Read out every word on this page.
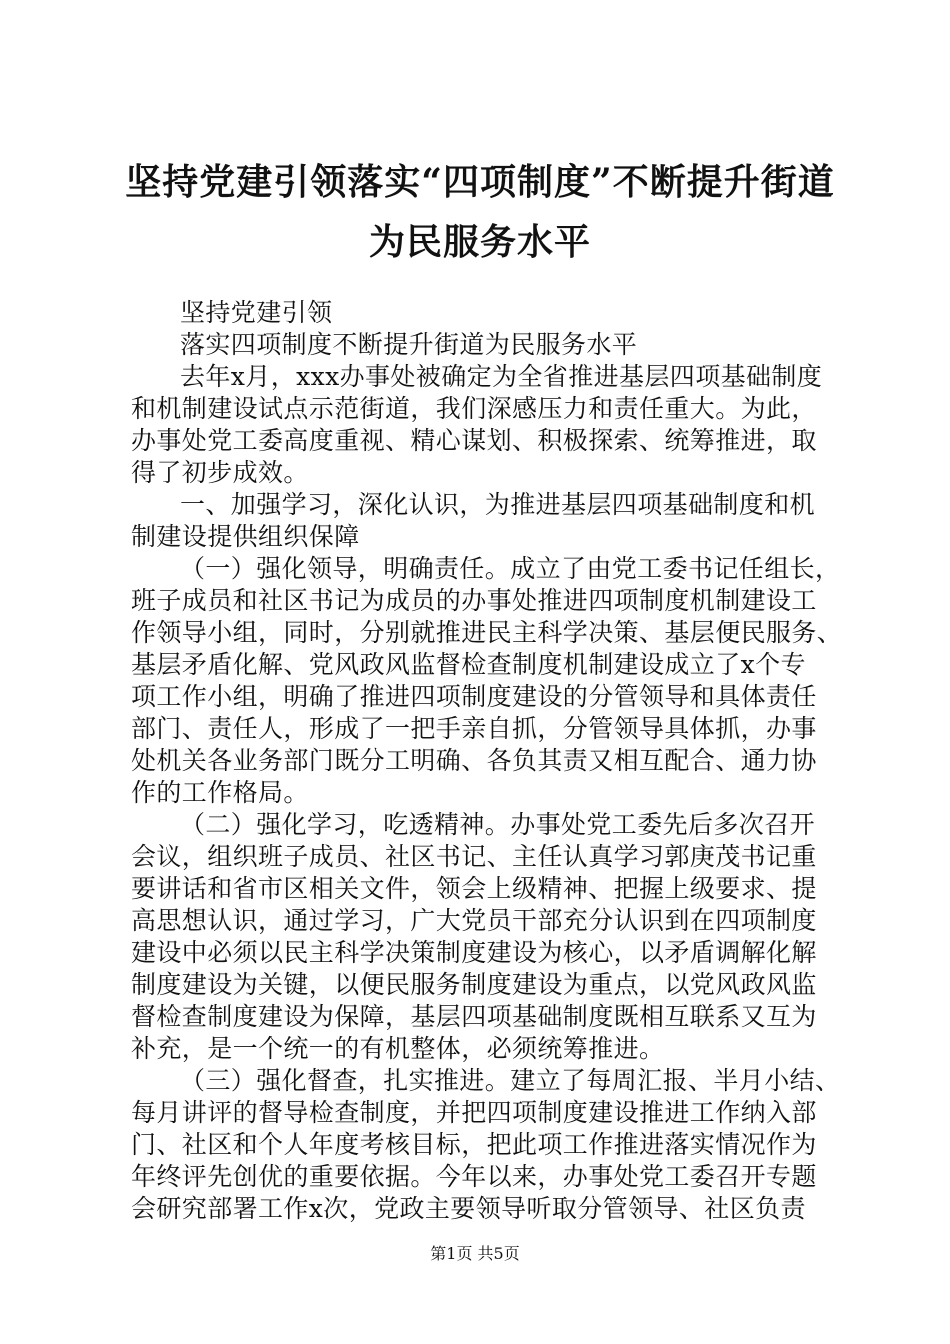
坚持党建引领落实“四项制度”不断提升街道
为民服务水平
坚持党建引领
落实四项制度不断提升街道为民服务水平
去年x月，xxx办事处被确定为全省推进基层四项基础制度
和机制建设试点示范街道，我们深感压力和责任重大。为此，
办事处党工委高度重视、精心谋划、积极探索、统筹推进，取
得了初步成效。
一、加强学习，深化认识，为推进基层四项基础制度和机
制建设提供组织保障
（一）强化领导，明确责任。成立了由党工委书记任组长，
班子成员和社区书记为成员的办事处推进四项制度机制建设工
作领导小组，同时，分别就推进民主科学决策、基层便民服务、
基层矛盾化解、党风政风监督检查制度机制建设成立了x个专
项工作小组，明确了推进四项制度建设的分管领导和具体责任
部门、责任人，形成了一把手亲自抓，分管领导具体抓，办事
处机关各业务部门既分工明确、各负其责又相互配合、通力协
作的工作格局。
（二）强化学习，吃透精神。办事处党工委先后多次召开
会议，组织班子成员、社区书记、主任认真学习郭庚茂书记重
要讲话和省市区相关文件，领会上级精神、把握上级要求、提
高思想认识，通过学习，广大党员干部充分认识到在四项制度
建设中必须以民主科学决策制度建设为核心，以矛盾调解化解
制度建设为关键，以便民服务制度建设为重点，以党风政风监
督检查制度建设为保障，基层四项基础制度既相互联系又互为
补充，是一个统一的有机整体，必须统筹推进。
（三）强化督查，扎实推进。建立了每周汇报、半月小结、
每月讲评的督导检查制度，并把四项制度建设推进工作纳入部
门、社区和个人年度考核目标，把此项工作推进落实情况作为
年终评先创优的重要依据。今年以来，办事处党工委召开专题
会研究部署工作x次，党政主要领导听取分管领导、社区负责
第1页 共5页
